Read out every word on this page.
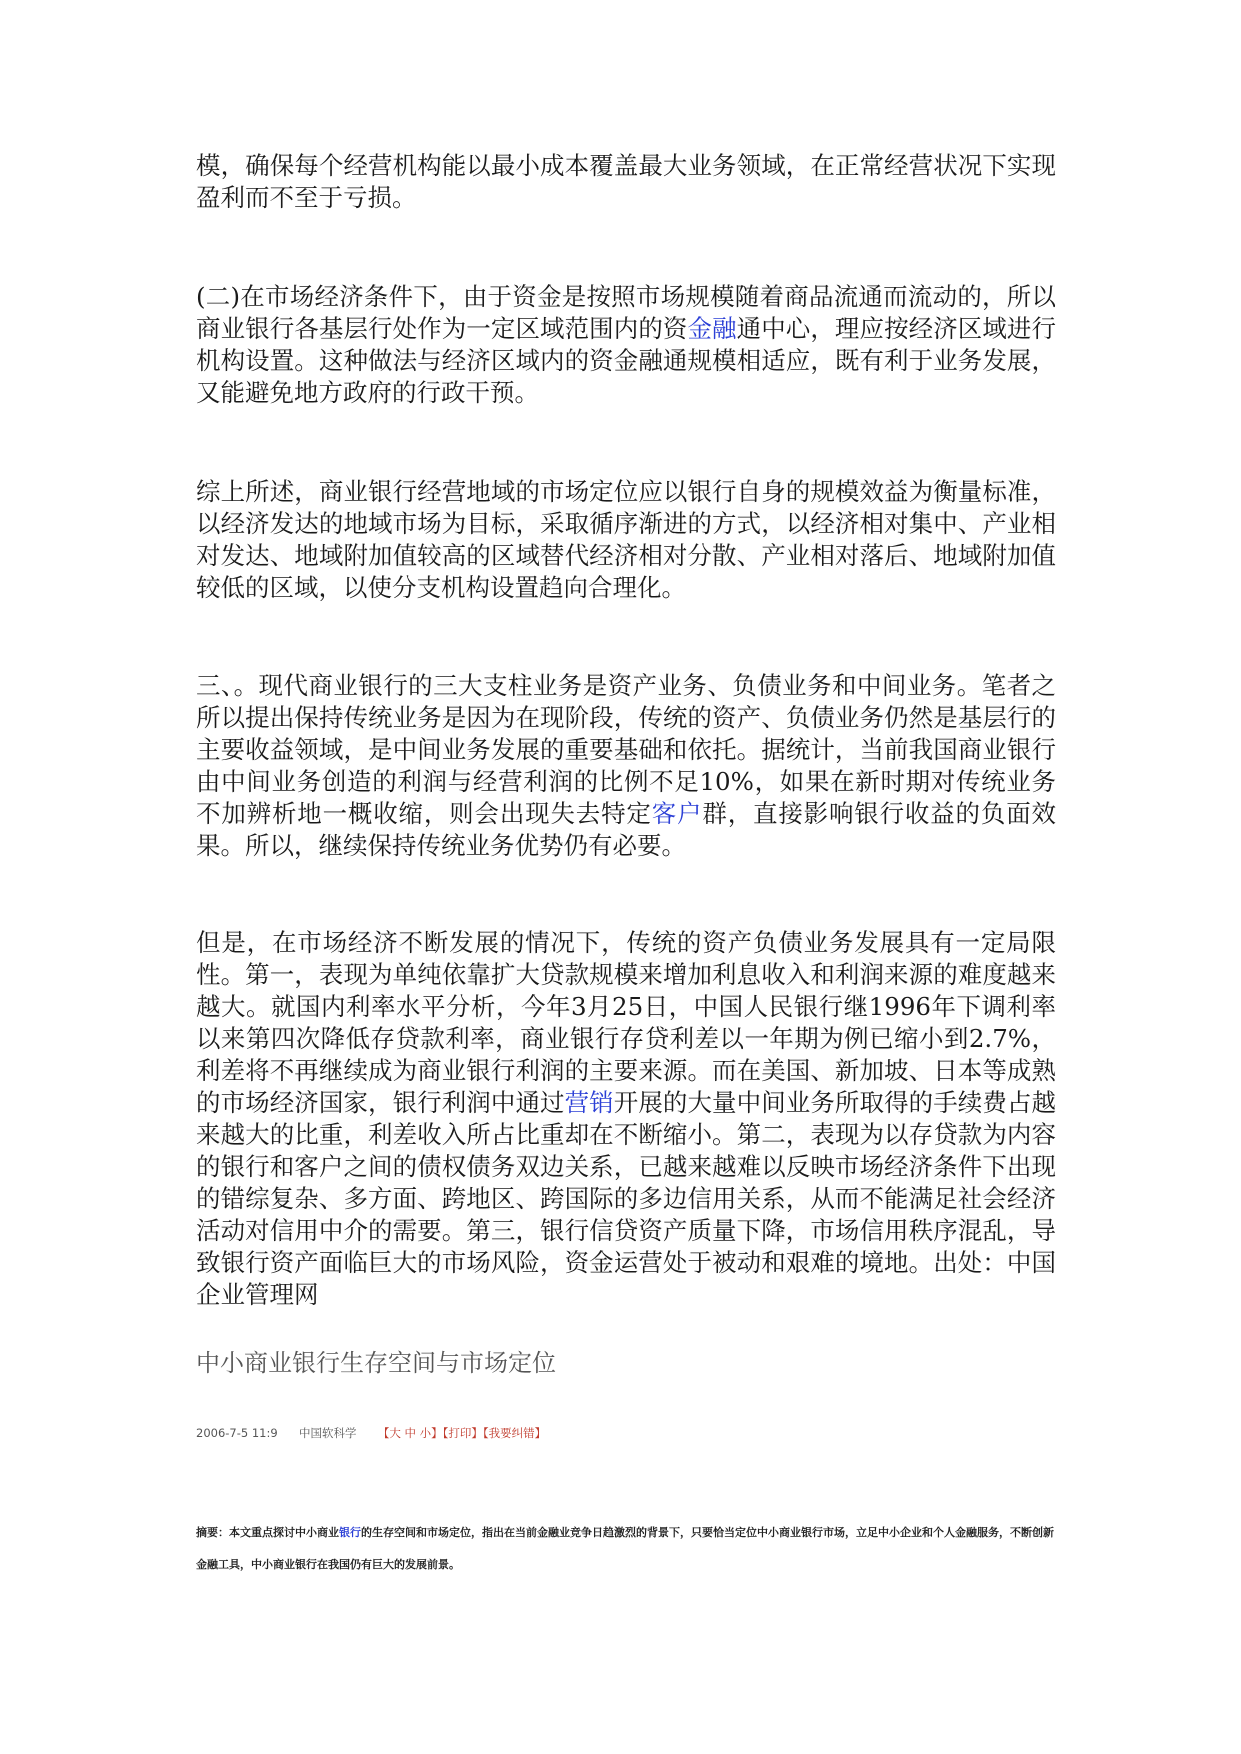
模，确保每个经营机构能以最小成本覆盖最大业务领域，在正常经营状况下实现盈利而不至于亏损。

(二)在市场经济条件下，由于资金是按照市场规模随着商品流通而流动的，所以商业银行各基层行处作为一定区域范围内的资金融通中心，理应按经济区域进行机构设置。这种做法与经济区域内的资金融通规模相适应，既有利于业务发展，又能避免地方政府的行政干预。

综上所述，商业银行经营地域的市场定位应以银行自身的规模效益为衡量标准，以经济发达的地域市场为目标，采取循序渐进的方式，以经济相对集中、产业相对发达、地域附加值较高的区域替代经济相对分散、产业相对落后、地域附加值较低的区域，以使分支机构设置趋向合理化。

三、。现代商业银行的三大支柱业务是资产业务、负债业务和中间业务。笔者之所以提出保持传统业务是因为在现阶段，传统的资产、负债业务仍然是基层行的主要收益领域，是中间业务发展的重要基础和依托。据统计，当前我国商业银行由中间业务创造的利润与经营利润的比例不足10%，如果在新时期对传统业务不加辨析地一概收缩，则会出现失去特定客户群，直接影响银行收益的负面效果。所以，继续保持传统业务优势仍有必要。

但是，在市场经济不断发展的情况下，传统的资产负债业务发展具有一定局限性。第一，表现为单纯依靠扩大贷款规模来增加利息收入和利润来源的难度越来越大。就国内利率水平分析，今年3月25日，中国人民银行继1996年下调利率以来第四次降低存贷款利率，商业银行存贷利差以一年期为例已缩小到2.7%，利差将不再继续成为商业银行利润的主要来源。而在美国、新加坡、日本等成熟的市场经济国家，银行利润中通过营销开展的大量中间业务所取得的手续费占越来越大的比重，利差收入所占比重却在不断缩小。第二，表现为以存贷款为内容的银行和客户之间的债权债务双边关系，已越来越难以反映市场经济条件下出现的错综复杂、多方面、跨地区、跨国际的多边信用关系，从而不能满足社会经济活动对信用中介的需要。第三，银行信贷资产质量下降，市场信用秩序混乱，导致银行资产面临巨大的市场风险，资金运营处于被动和艰难的境地。出处：中国企业管理网

中小商业银行生存空间与市场定位
2006-7-5 11:9 中国软科学 【大 中 小】【打印】【我要纠错】

摘要：本文重点探讨中小商业银行的生存空间和市场定位，指出在当前金融业竞争日趋激烈的背景下，只要恰当定位中小商业银行市场，立足中小企业和个人金融服务，不断创新金融工具，中小商业银行在我国仍有巨大的发展前景。
